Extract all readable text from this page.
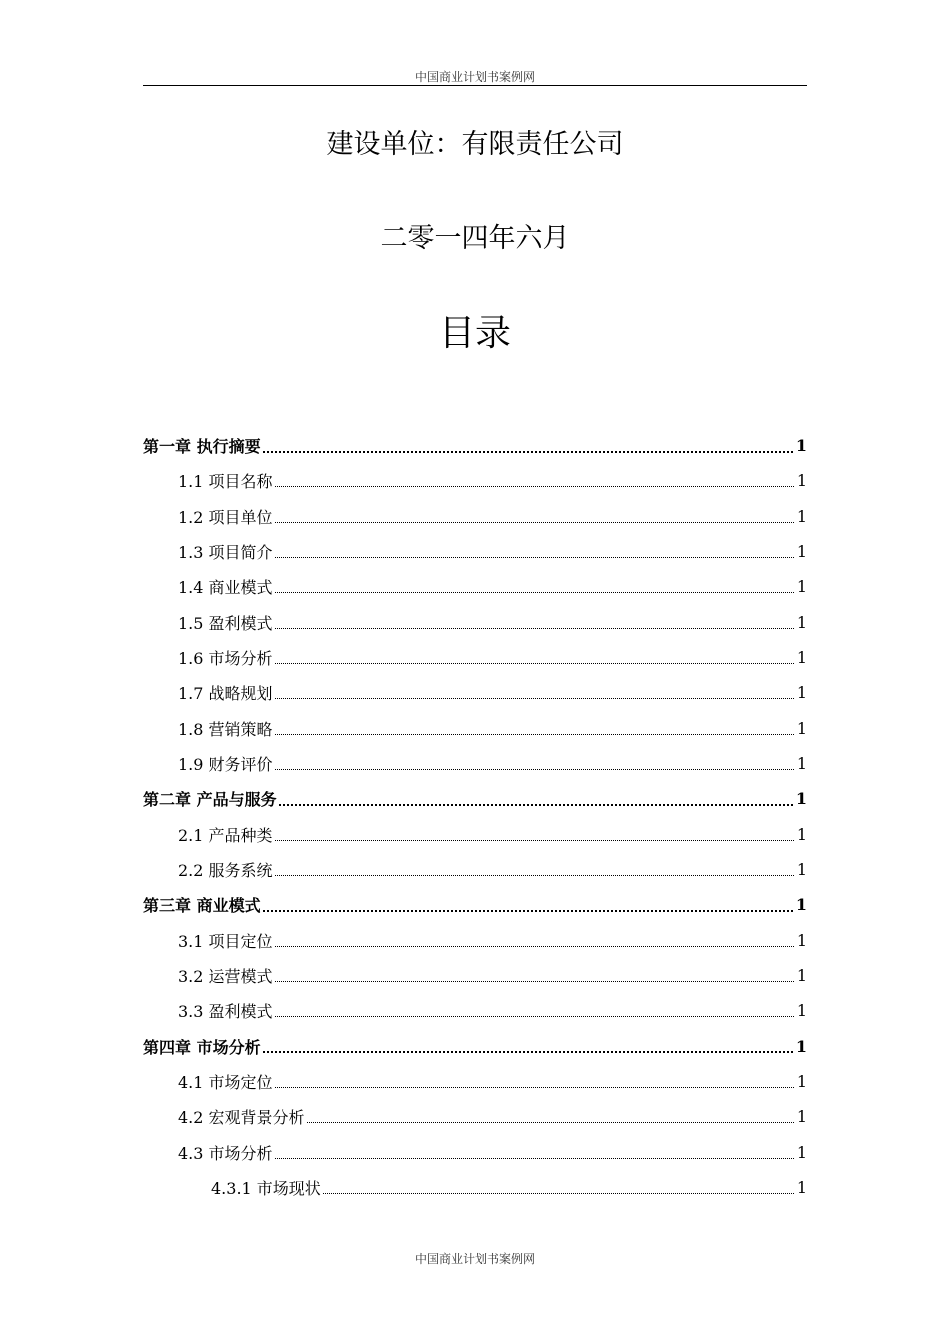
中国商业计划书案例网
建设单位：有限责任公司
二零一四年六月
目录
第一章 执行摘要	1
1.1 项目名称	1
1.2 项目单位	1
1.3 项目简介	1
1.4 商业模式	1
1.5 盈利模式	1
1.6 市场分析	1
1.7 战略规划	1
1.8 营销策略	1
1.9 财务评价	1
第二章 产品与服务	1
2.1 产品种类	1
2.2 服务系统	1
第三章 商业模式	1
3.1 项目定位	1
3.2 运营模式	1
3.3 盈利模式	1
第四章 市场分析	1
4.1 市场定位	1
4.2 宏观背景分析	1
4.3 市场分析	1
4.3.1 市场现状	1
中国商业计划书案例网
